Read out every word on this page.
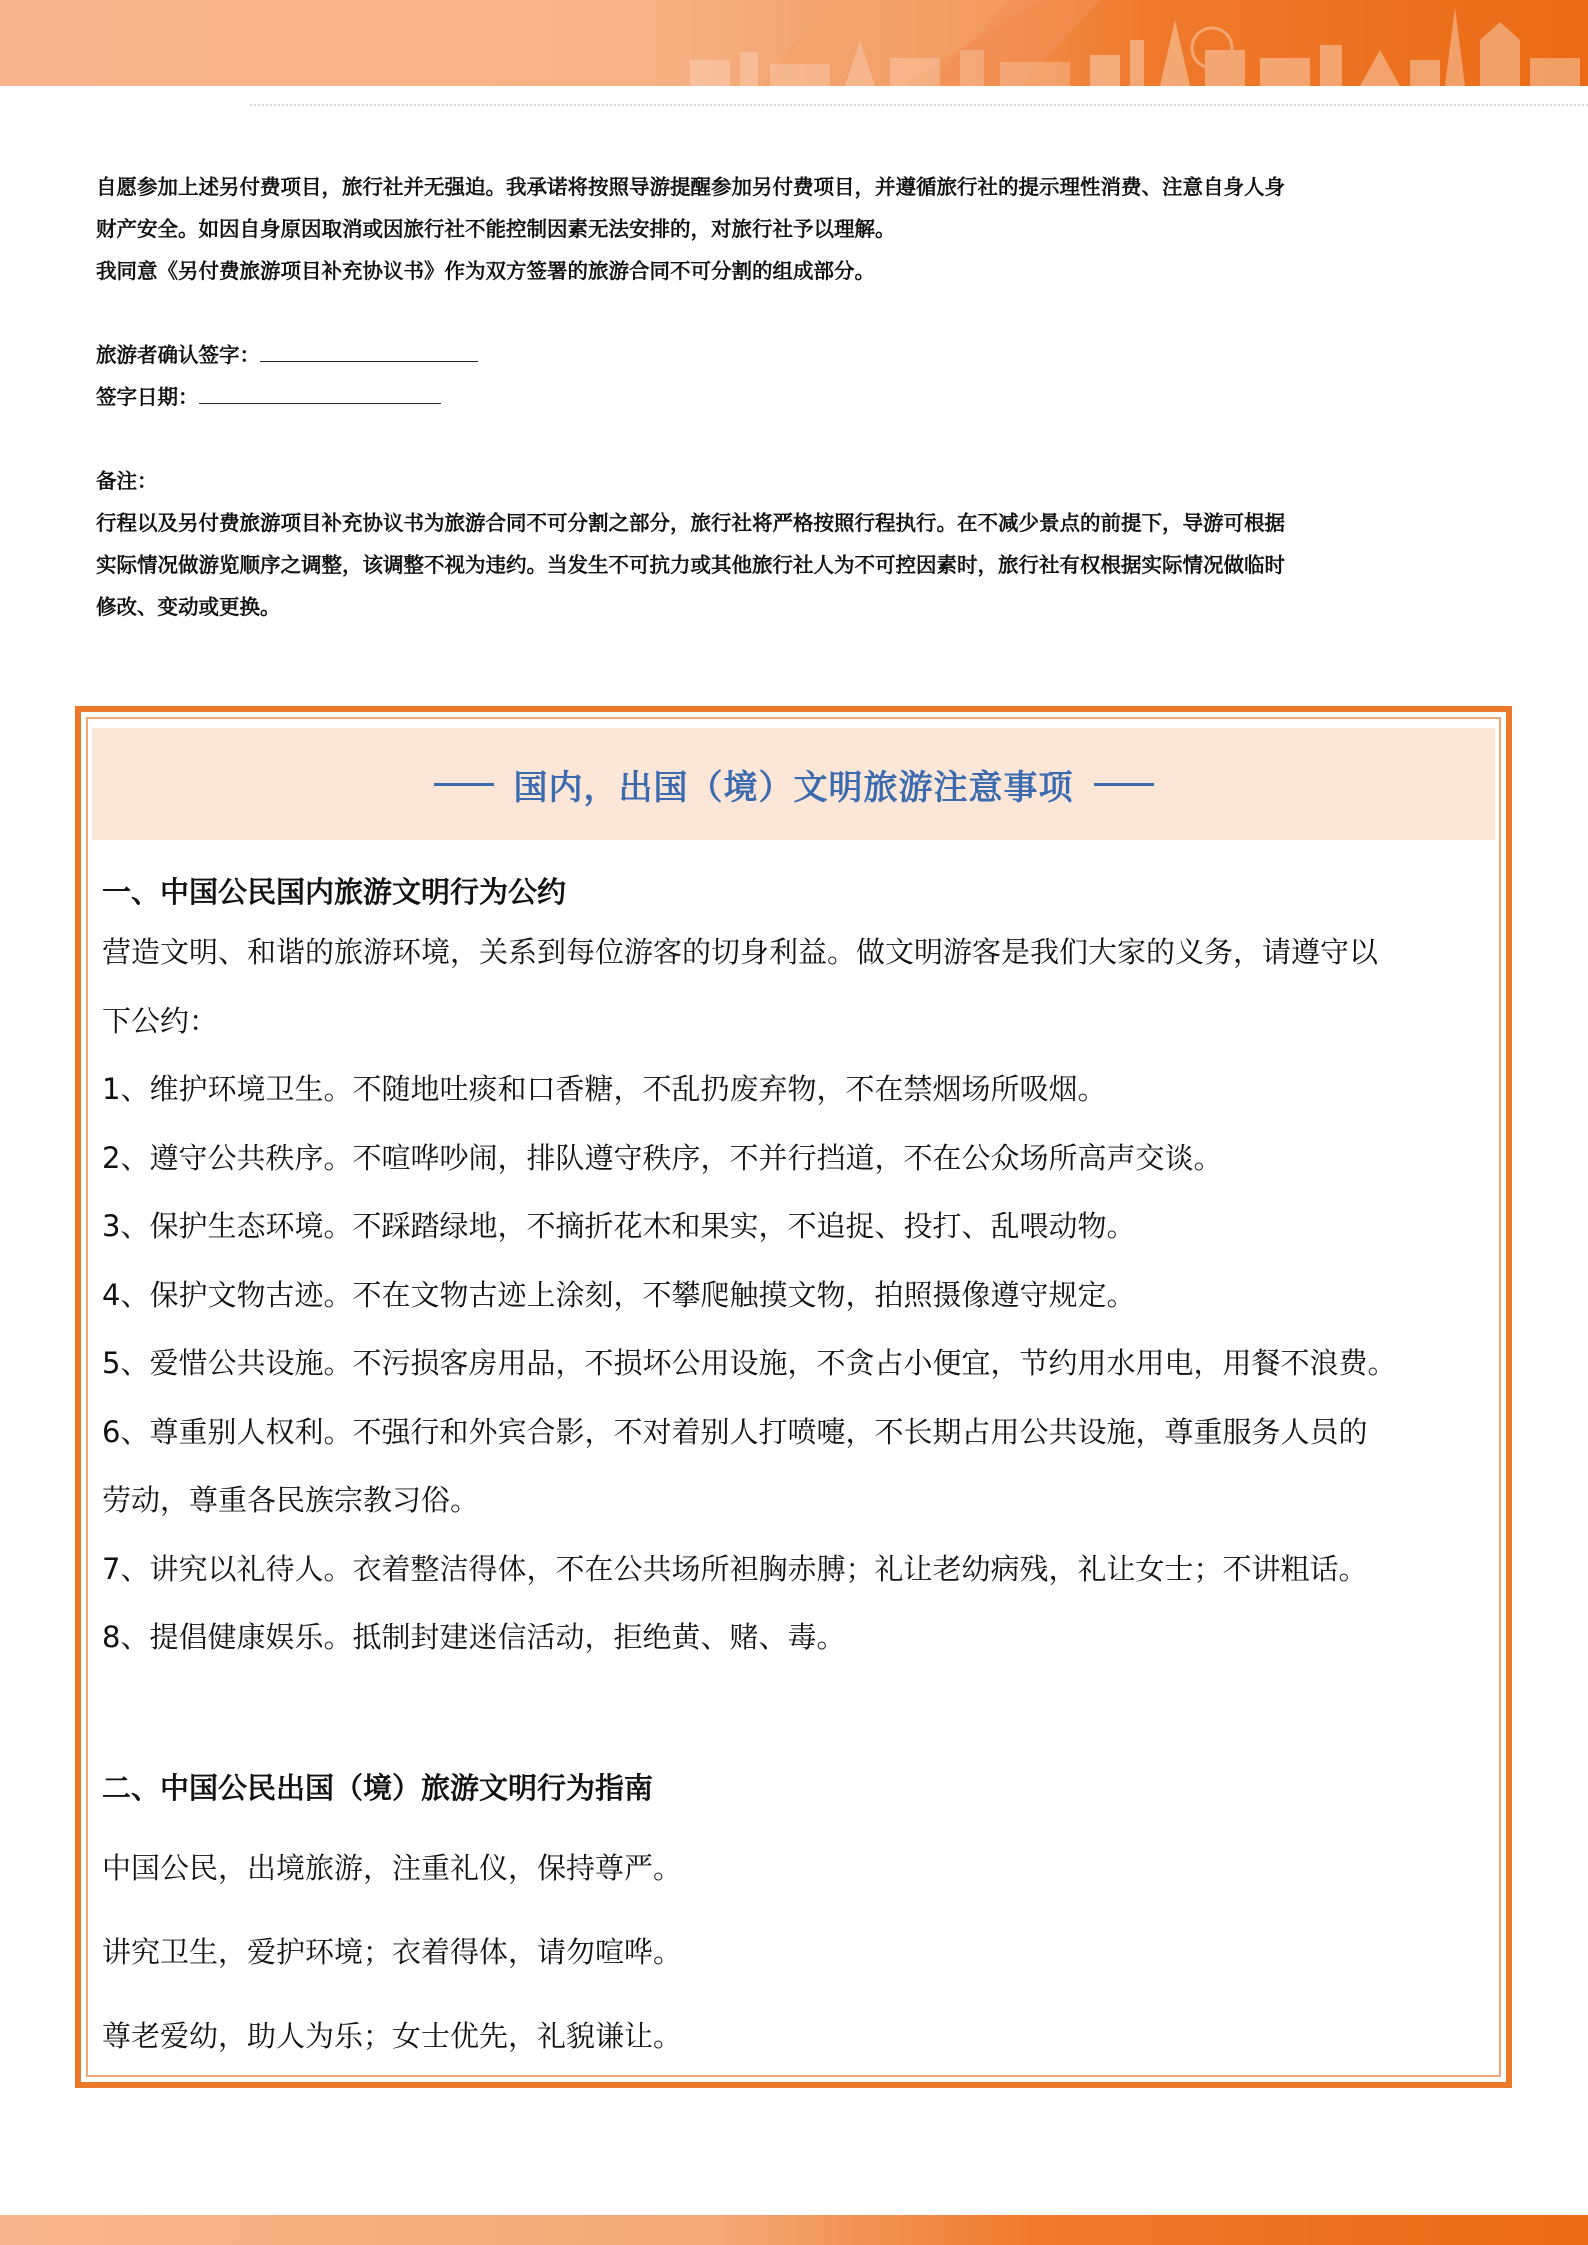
自愿参加上述另付费项目，旅行社并无强迫。我承诺将按照导游提醒参加另付费项目，并遵循旅行社的提示理性消费、注意自身人身

财产安全。如因自身原因取消或因旅行社不能控制因素无法安排的，对旅行社予以理解。

我同意《另付费旅游项目补充协议书》作为双方签署的旅游合同不可分割的组成部分。

旅游者确认签字：

签字日期：

备注：

行程以及另付费旅游项目补充协议书为旅游合同不可分割之部分，旅行社将严格按照行程执行。在不减少景点的前提下，导游可根据

实际情况做游览顺序之调整，该调整不视为违约。当发生不可抗力或其他旅行社人为不可控因素时，旅行社有权根据实际情况做临时

修改、变动或更换。

国内，出国（境）文明旅游注意事项

一、中国公民国内旅游文明行为公约

营造文明、和谐的旅游环境，关系到每位游客的切身利益。做文明游客是我们大家的义务，请遵守以

下公约：

1、维护环境卫生。不随地吐痰和口香糖，不乱扔废弃物，不在禁烟场所吸烟。

2、遵守公共秩序。不喧哗吵闹，排队遵守秩序，不并行挡道，不在公众场所高声交谈。

3、保护生态环境。不踩踏绿地，不摘折花木和果实，不追捉、投打、乱喂动物。

4、保护文物古迹。不在文物古迹上涂刻，不攀爬触摸文物，拍照摄像遵守规定。

5、爱惜公共设施。不污损客房用品，不损坏公用设施，不贪占小便宜，节约用水用电，用餐不浪费。

6、尊重别人权利。不强行和外宾合影，不对着别人打喷嚏，不长期占用公共设施，尊重服务人员的

劳动，尊重各民族宗教习俗。

7、讲究以礼待人。衣着整洁得体，不在公共场所袒胸赤膊；礼让老幼病残，礼让女士；不讲粗话。

8、提倡健康娱乐。抵制封建迷信活动，拒绝黄、赌、毒。

二、中国公民出国（境）旅游文明行为指南

中国公民，出境旅游，注重礼仪，保持尊严。

讲究卫生，爱护环境；衣着得体，请勿喧哗。

尊老爱幼，助人为乐；女士优先，礼貌谦让。
